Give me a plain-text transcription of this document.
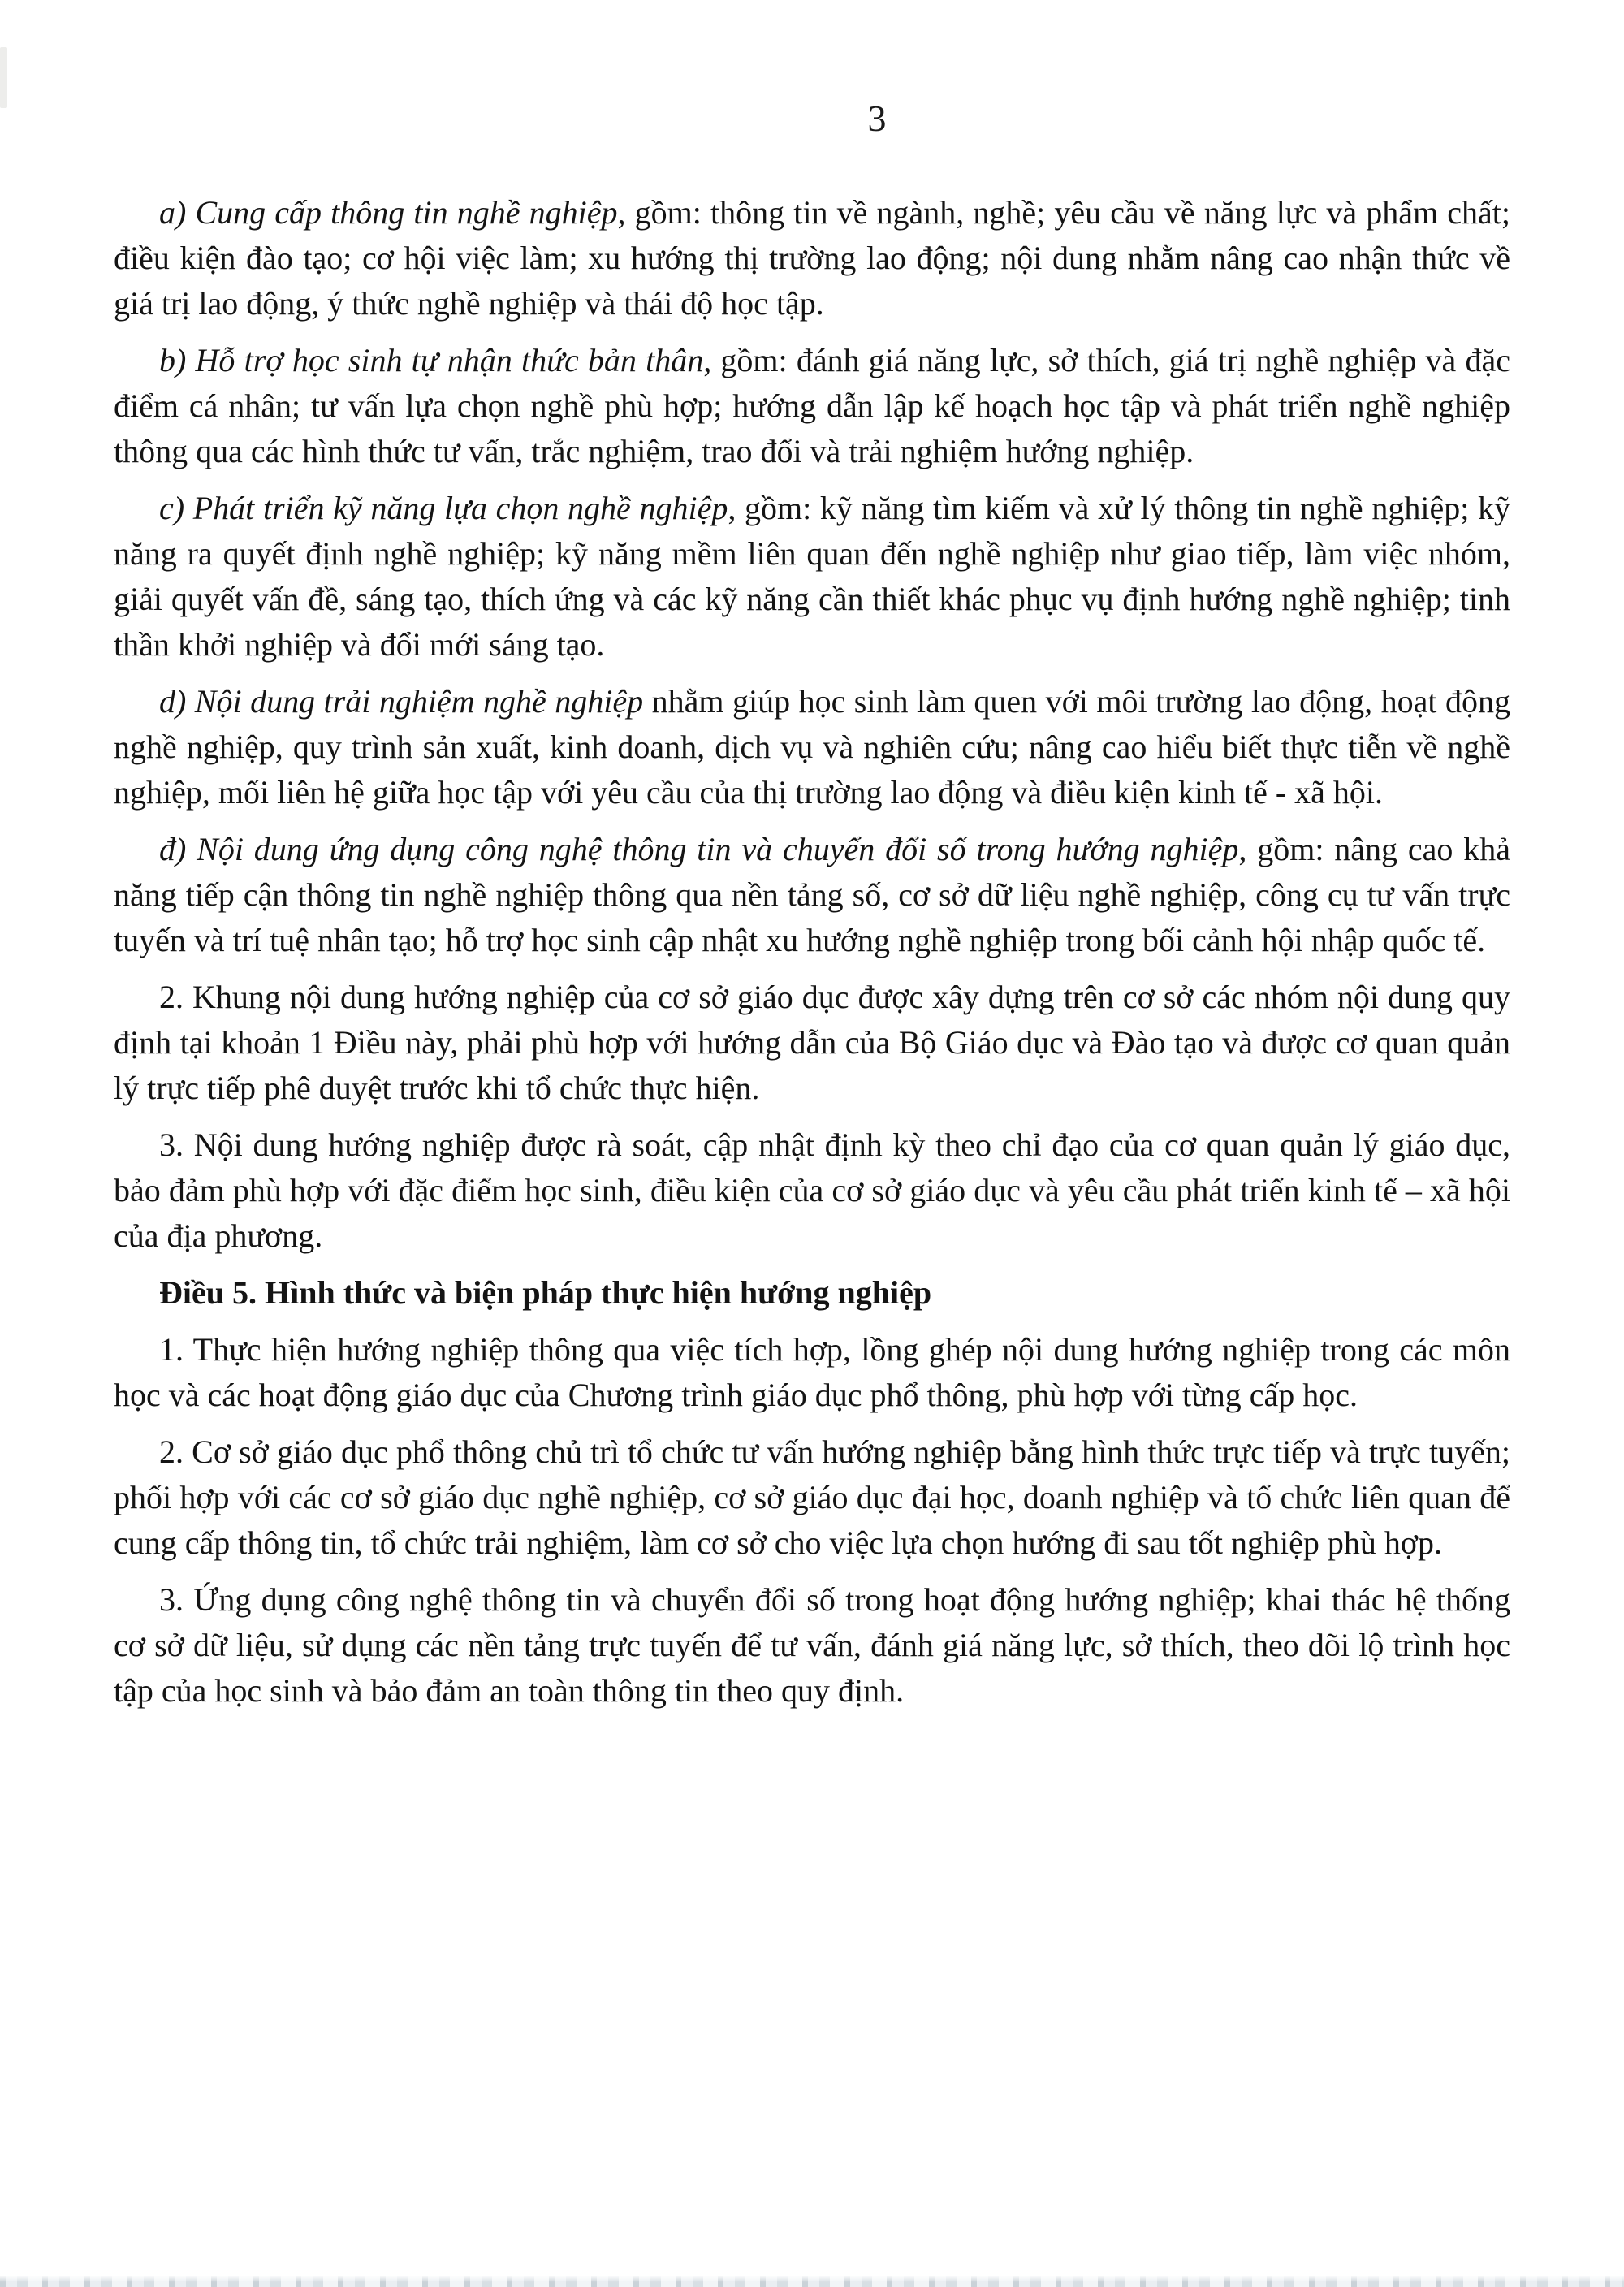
3

a) Cung cấp thông tin nghề nghiệp, gồm: thông tin về ngành, nghề; yêu cầu về năng lực và phẩm chất; điều kiện đào tạo; cơ hội việc làm; xu hướng thị trường lao động; nội dung nhằm nâng cao nhận thức về giá trị lao động, ý thức nghề nghiệp và thái độ học tập.

b) Hỗ trợ học sinh tự nhận thức bản thân, gồm: đánh giá năng lực, sở thích, giá trị nghề nghiệp và đặc điểm cá nhân; tư vấn lựa chọn nghề phù hợp; hướng dẫn lập kế hoạch học tập và phát triển nghề nghiệp thông qua các hình thức tư vấn, trắc nghiệm, trao đổi và trải nghiệm hướng nghiệp.

c) Phát triển kỹ năng lựa chọn nghề nghiệp, gồm: kỹ năng tìm kiếm và xử lý thông tin nghề nghiệp; kỹ năng ra quyết định nghề nghiệp; kỹ năng mềm liên quan đến nghề nghiệp như giao tiếp, làm việc nhóm, giải quyết vấn đề, sáng tạo, thích ứng và các kỹ năng cần thiết khác phục vụ định hướng nghề nghiệp; tinh thần khởi nghiệp và đổi mới sáng tạo.

d) Nội dung trải nghiệm nghề nghiệp nhằm giúp học sinh làm quen với môi trường lao động, hoạt động nghề nghiệp, quy trình sản xuất, kinh doanh, dịch vụ và nghiên cứu; nâng cao hiểu biết thực tiễn về nghề nghiệp, mối liên hệ giữa học tập với yêu cầu của thị trường lao động và điều kiện kinh tế - xã hội.

đ) Nội dung ứng dụng công nghệ thông tin và chuyển đổi số trong hướng nghiệp, gồm: nâng cao khả năng tiếp cận thông tin nghề nghiệp thông qua nền tảng số, cơ sở dữ liệu nghề nghiệp, công cụ tư vấn trực tuyến và trí tuệ nhân tạo; hỗ trợ học sinh cập nhật xu hướng nghề nghiệp trong bối cảnh hội nhập quốc tế.

2. Khung nội dung hướng nghiệp của cơ sở giáo dục được xây dựng trên cơ sở các nhóm nội dung quy định tại khoản 1 Điều này, phải phù hợp với hướng dẫn của Bộ Giáo dục và Đào tạo và được cơ quan quản lý trực tiếp phê duyệt trước khi tổ chức thực hiện.

3. Nội dung hướng nghiệp được rà soát, cập nhật định kỳ theo chỉ đạo của cơ quan quản lý giáo dục, bảo đảm phù hợp với đặc điểm học sinh, điều kiện của cơ sở giáo dục và yêu cầu phát triển kinh tế – xã hội của địa phương.

Điều 5. Hình thức và biện pháp thực hiện hướng nghiệp

1. Thực hiện hướng nghiệp thông qua việc tích hợp, lồng ghép nội dung hướng nghiệp trong các môn học và các hoạt động giáo dục của Chương trình giáo dục phổ thông, phù hợp với từng cấp học.

2. Cơ sở giáo dục phổ thông chủ trì tổ chức tư vấn hướng nghiệp bằng hình thức trực tiếp và trực tuyến; phối hợp với các cơ sở giáo dục nghề nghiệp, cơ sở giáo dục đại học, doanh nghiệp và tổ chức liên quan để cung cấp thông tin, tổ chức trải nghiệm, làm cơ sở cho việc lựa chọn hướng đi sau tốt nghiệp phù hợp.

3. Ứng dụng công nghệ thông tin và chuyển đổi số trong hoạt động hướng nghiệp; khai thác hệ thống cơ sở dữ liệu, sử dụng các nền tảng trực tuyến để tư vấn, đánh giá năng lực, sở thích, theo dõi lộ trình học tập của học sinh và bảo đảm an toàn thông tin theo quy định.
